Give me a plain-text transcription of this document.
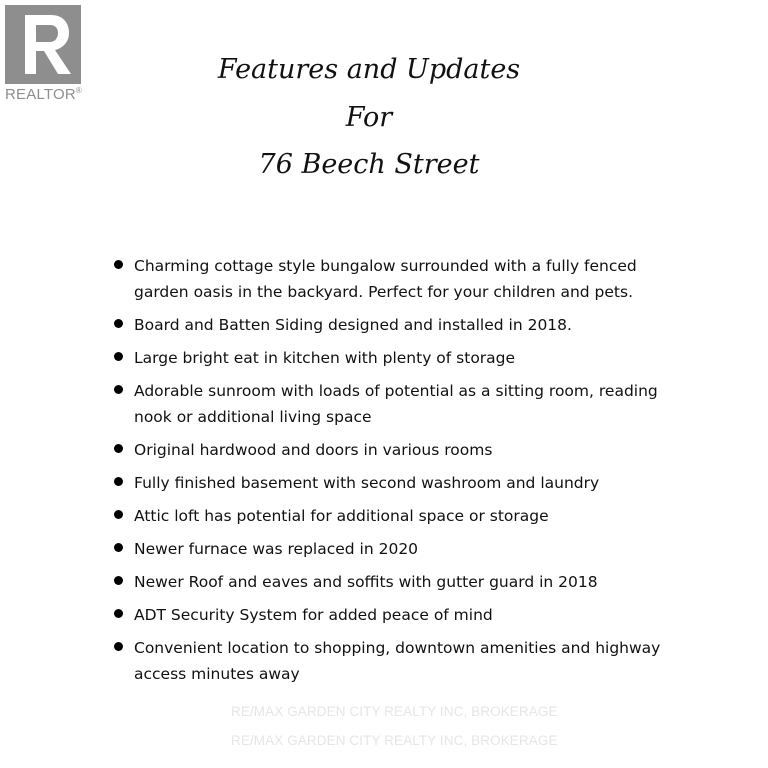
REALTOR®
Features and Updates
For
76 Beech Street
Charming cottage style bungalow surrounded with a fully fenced garden oasis in the backyard. Perfect for your children and pets.
Board and Batten Siding designed and installed in 2018.
Large bright eat in kitchen with plenty of storage
Adorable sunroom with loads of potential as a sitting room, reading nook or additional living space
Original hardwood and doors in various rooms
Fully finished basement with second washroom and laundry
Attic loft has potential for additional space or storage
Newer furnace was replaced in 2020
Newer Roof and eaves and soffits with gutter guard in 2018
ADT Security System for added peace of mind
Convenient location to shopping, downtown amenities and highway access minutes away
RE/MAX GARDEN CITY REALTY INC, BROKERAGE
RE/MAX GARDEN CITY REALTY INC, BROKERAGE
